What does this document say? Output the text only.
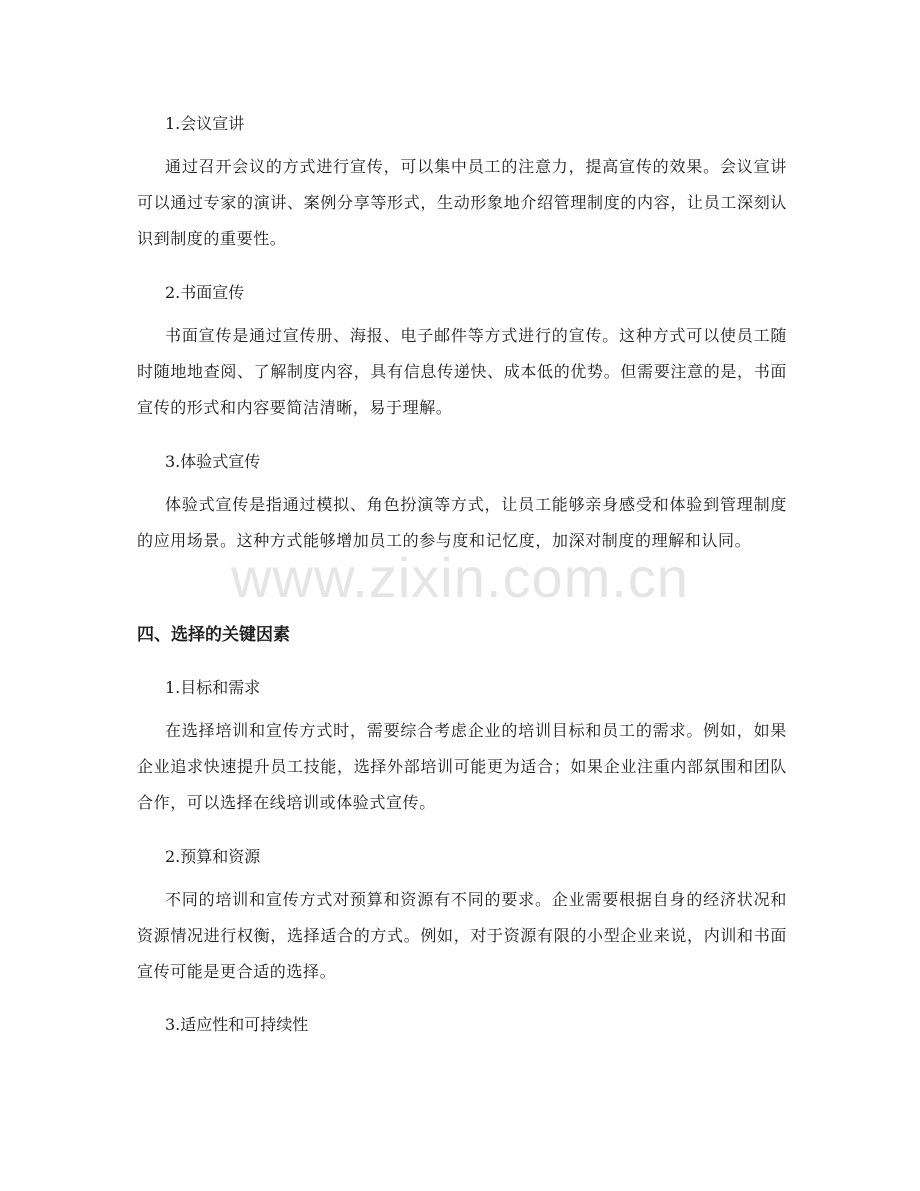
1.会议宣讲
通过召开会议的方式进行宣传，可以集中员工的注意力，提高宣传的效果。会议宣讲可以通过专家的演讲、案例分享等形式，生动形象地介绍管理制度的内容，让员工深刻认识到制度的重要性。
2.书面宣传
书面宣传是通过宣传册、海报、电子邮件等方式进行的宣传。这种方式可以使员工随时随地地查阅、了解制度内容，具有信息传递快、成本低的优势。但需要注意的是，书面宣传的形式和内容要简洁清晰，易于理解。
3.体验式宣传
体验式宣传是指通过模拟、角色扮演等方式，让员工能够亲身感受和体验到管理制度的应用场景。这种方式能够增加员工的参与度和记忆度，加深对制度的理解和认同。
四、选择的关键因素
1.目标和需求
在选择培训和宣传方式时，需要综合考虑企业的培训目标和员工的需求。例如，如果企业追求快速提升员工技能，选择外部培训可能更为适合；如果企业注重内部氛围和团队合作，可以选择在线培训或体验式宣传。
2.预算和资源
不同的培训和宣传方式对预算和资源有不同的要求。企业需要根据自身的经济状况和资源情况进行权衡，选择适合的方式。例如，对于资源有限的小型企业来说，内训和书面宣传可能是更合适的选择。
3.适应性和可持续性
www.zixin.com.cn
